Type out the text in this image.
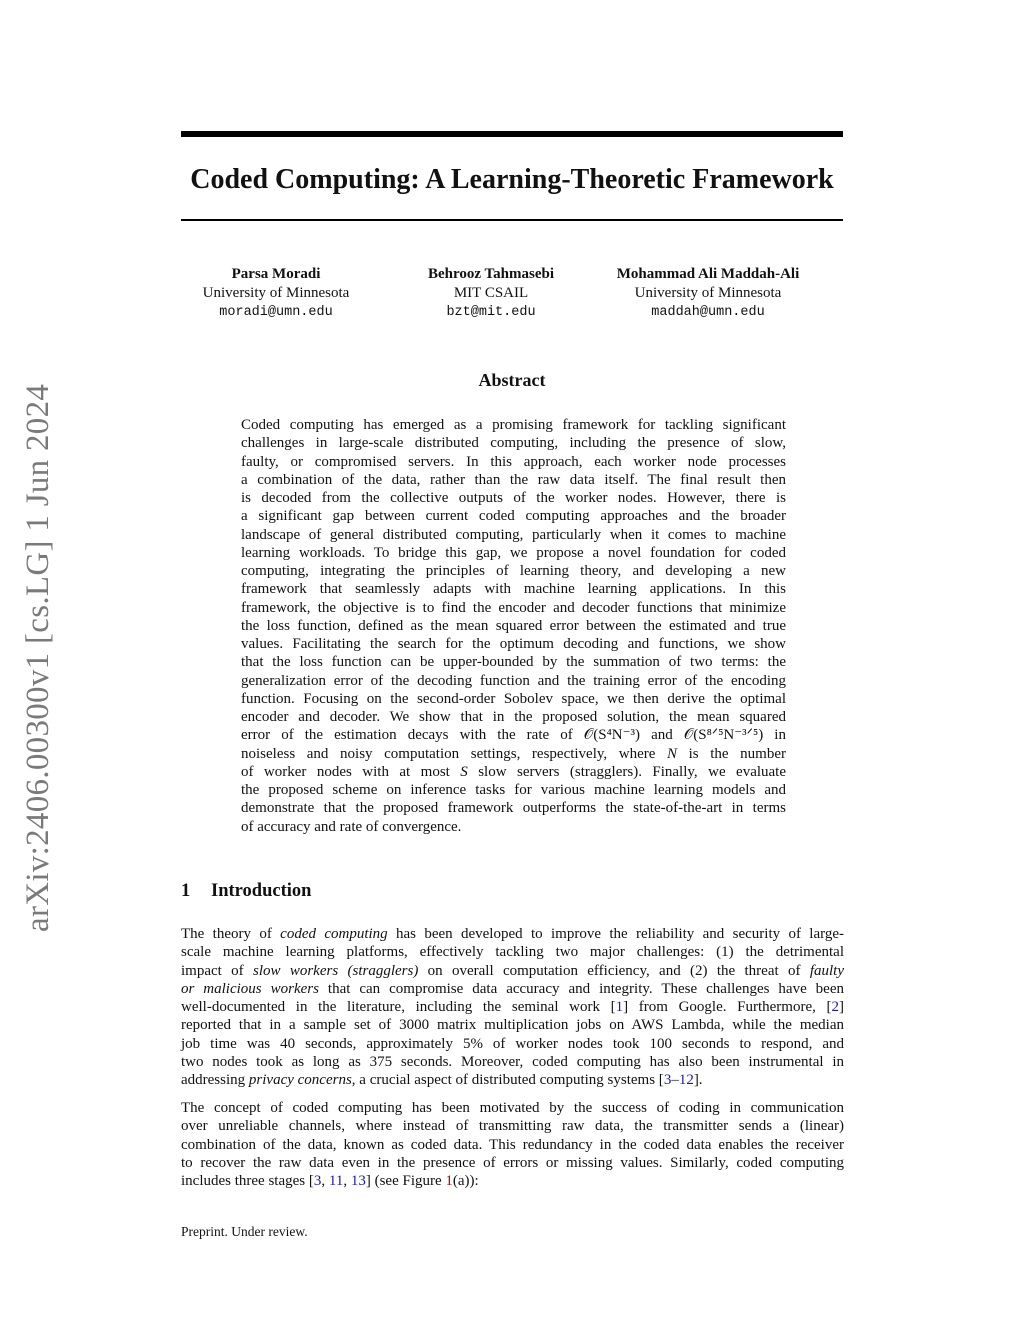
arXiv:2406.00300v1 [cs.LG] 1 Jun 2024
Coded Computing: A Learning-Theoretic Framework
Parsa Moradi
University of Minnesota
moradi@umn.edu
Behrooz Tahmasebi
MIT CSAIL
bzt@mit.edu
Mohammad Ali Maddah-Ali
University of Minnesota
maddah@umn.edu
Abstract
Coded computing has emerged as a promising framework for tackling significant
challenges in large-scale distributed computing, including the presence of slow,
faulty, or compromised servers. In this approach, each worker node processes
a combination of the data, rather than the raw data itself. The final result then
is decoded from the collective outputs of the worker nodes. However, there is
a significant gap between current coded computing approaches and the broader
landscape of general distributed computing, particularly when it comes to machine
learning workloads. To bridge this gap, we propose a novel foundation for coded
computing, integrating the principles of learning theory, and developing a new
framework that seamlessly adapts with machine learning applications. In this
framework, the objective is to find the encoder and decoder functions that minimize
the loss function, defined as the mean squared error between the estimated and true
values. Facilitating the search for the optimum decoding and functions, we show
that the loss function can be upper-bounded by the summation of two terms: the
generalization error of the decoding function and the training error of the encoding
function. Focusing on the second-order Sobolev space, we then derive the optimal
encoder and decoder. We show that in the proposed solution, the mean squared
error of the estimation decays with the rate of 𝒪(S⁴N⁻³) and 𝒪(S⁸ᐟ⁵N⁻³ᐟ⁵) in
noiseless and noisy computation settings, respectively, where N is the number
of worker nodes with at most S slow servers (stragglers). Finally, we evaluate
the proposed scheme on inference tasks for various machine learning models and
demonstrate that the proposed framework outperforms the state-of-the-art in terms
of accuracy and rate of convergence.
1 Introduction
The theory of coded computing has been developed to improve the reliability and security of large-
scale machine learning platforms, effectively tackling two major challenges: (1) the detrimental
impact of slow workers (stragglers) on overall computation efficiency, and (2) the threat of faulty
or malicious workers that can compromise data accuracy and integrity. These challenges have been
well-documented in the literature, including the seminal work [1] from Google. Furthermore, [2]
reported that in a sample set of 3000 matrix multiplication jobs on AWS Lambda, while the median
job time was 40 seconds, approximately 5% of worker nodes took 100 seconds to respond, and
two nodes took as long as 375 seconds. Moreover, coded computing has also been instrumental in
addressing privacy concerns, a crucial aspect of distributed computing systems [3–12].
The concept of coded computing has been motivated by the success of coding in communication
over unreliable channels, where instead of transmitting raw data, the transmitter sends a (linear)
combination of the data, known as coded data. This redundancy in the coded data enables the receiver
to recover the raw data even in the presence of errors or missing values. Similarly, coded computing
includes three stages [3, 11, 13] (see Figure 1(a)):
Preprint. Under review.
